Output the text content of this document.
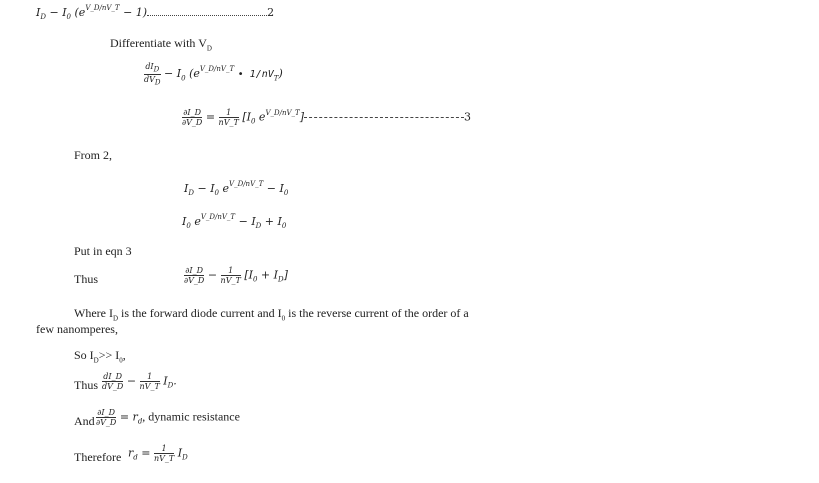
$I_D - I_0$ $(e^{V\_D/nV\_T} - 1)$	2
Differentiate with $V_D$
$\frac{dI_D}{dV_D} - I_0$ ($e^{V\_D/nV\_T}$ • $1/nV_T$)
$\frac{\partial I\_D}{\partial V\_D} = \frac{1}{nV\_T} [I_0$ $e^{V\_D/nV\_T}$]	3
From 2,
$I_D - I_0$ $e^{V\_D/nV\_T} - I_0$
$I_0$ $e^{V\_D/nV\_T} - I_D + I_0$
Put in eqn 3
Thus	$\frac{\partial I\_D}{\partial V\_D} - \frac{1}{nV\_T} [I_0 + I_D]$
Where $I_D$ is the forward diode current and $I_0$ is the reverse current of the order of a
few nanomperes,
So $I_D>> I_0$,
Thus $\frac{dI\_D}{dV\_D} - \frac{1}{nV\_T} I_D$.
And $\frac{\partial I\_D}{\partial V\_D} = r_d$, dynamic resistance
Therefore $r_d = \frac{1}{nV\_T} I_D$
